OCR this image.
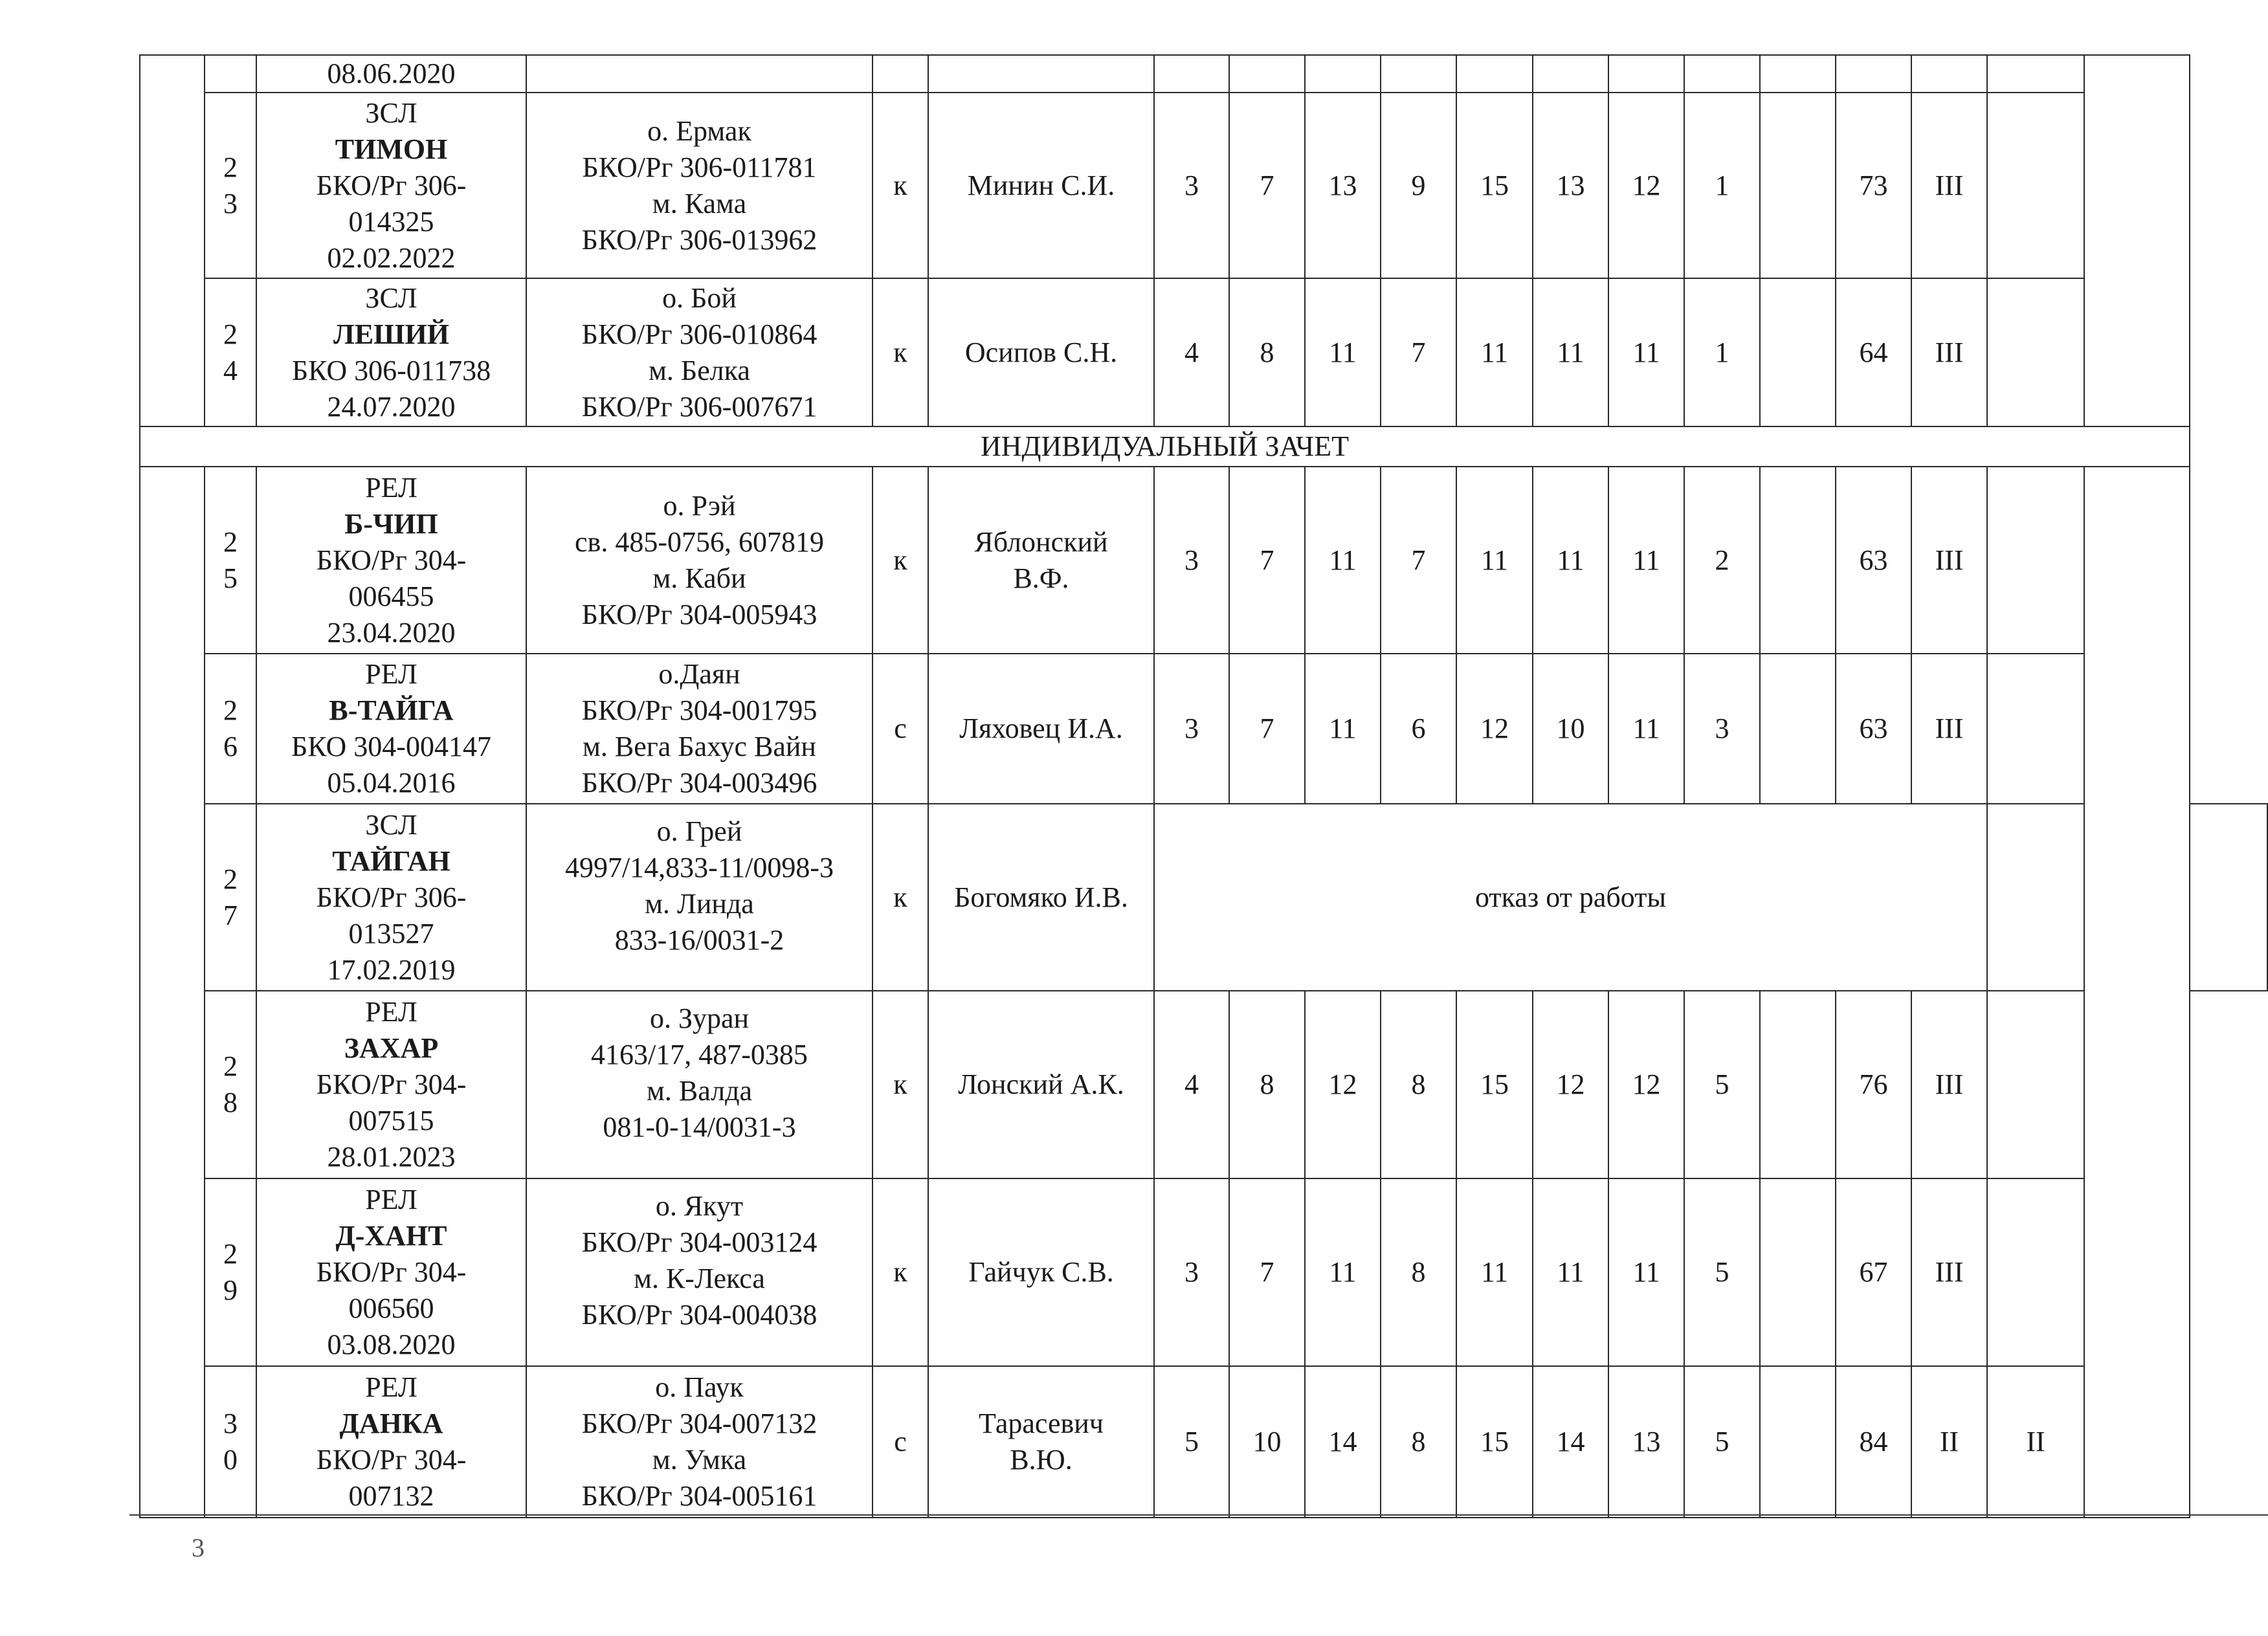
		08.06.2020																	

	2
3	ЗСЛ
ТИМОН
БКО/Рг 306-
014325
02.02.2022	о. Ермак
БКО/Рг 306-011781
м. Кама
БКО/Рг 306-013962	к	Минин С.И.	3	7	13	9	15	13	12	1		73	III			

	2
4	ЗСЛ
ЛЕШИЙ
БКО 306-011738
24.07.2020	о. Бой
БКО/Рг 306-010864
м. Белка
БКО/Рг 306-007671	к	Осипов С.Н.	4	8	11	7	11	11	11	1		64	III			
ИНДИВИДУАЛЬНЫЙ ЗАЧЕТ																			

	2
5	РЕЛ
Б-ЧИП
БКО/Рг 304-
006455
23.04.2020	о. Рэй
св. 485-0756, 607819
м. Каби
БКО/Рг 304-005943	к	Яблонский
В.Ф.	3	7	11	7	11	11	11	2		63	III			

	2
6	РЕЛ
В-ТАЙГА
БКО 304-004147
05.04.2016	о.Даян
БКО/Рг 304-001795
м. Вега Бахус Вайн
БКО/Рг 304-003496	с	Ляховец И.А.	3	7	11	6	12	10	11	3		63	III			

	2
7	ЗСЛ
ТАЙГАН
БКО/Рг 306-
013527
17.02.2019	о. Грей
4997/14,833-11/0098-3
м. Линда
833-16/0031-2	к	Богомяко И.В.	отказ от работы													

	2
8	РЕЛ
ЗАХАР
БКО/Рг 304-
007515
28.01.2023	о. Зуран
4163/17, 487-0385
м. Валда
081-0-14/0031-3	к	Лонский А.К.	4	8	12	8	15	12	12	5		76	III			

	2
9	РЕЛ
Д-ХАНТ
БКО/Рг 304-
006560
03.08.2020	о. Якут
БКО/Рг 304-003124
м. К-Лекса
БКО/Рг 304-004038	к	Гайчук С.В.	3	7	11	8	11	11	11	5		67	III			

	3
0	РЕЛ
ДАНКА
БКО/Рг 304-
007132	о. Паук
БКО/Рг 304-007132
м. Умка
БКО/Рг 304-005161	с	Тарасевич
В.Ю.	5	10	14	8	15	14	13	5		84	II	II		
3
